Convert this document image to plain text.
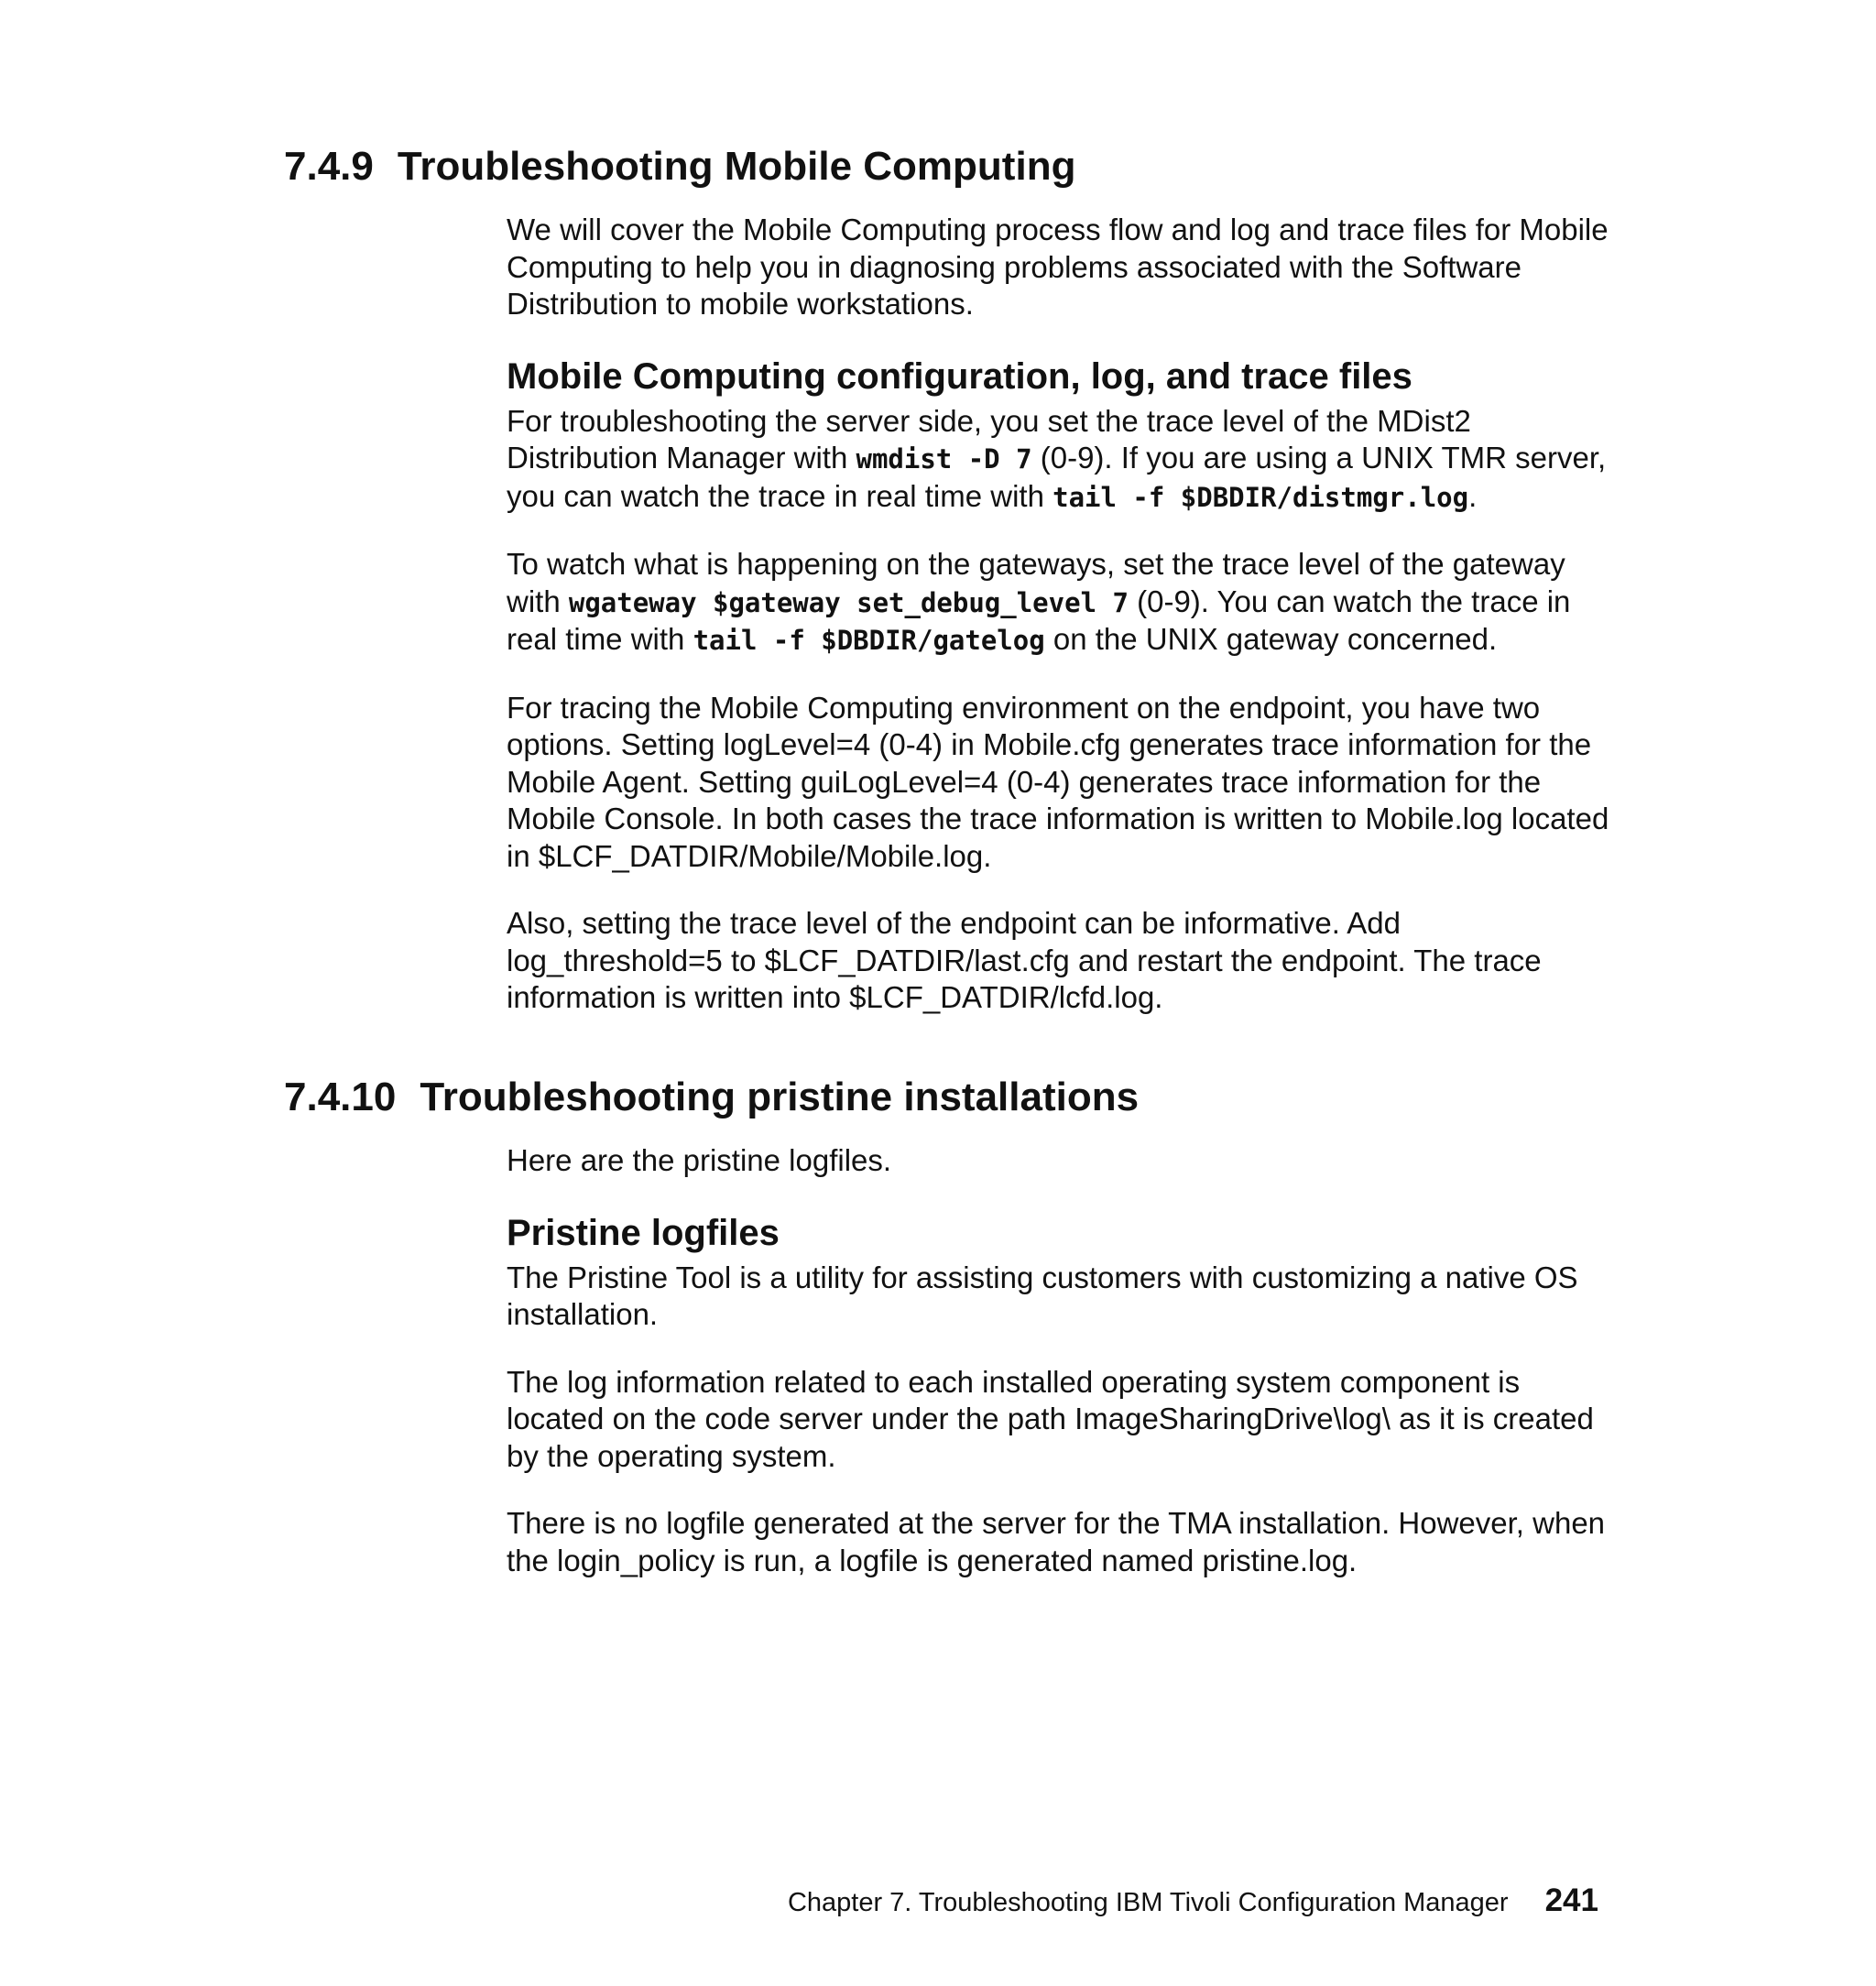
7.4.9 Troubleshooting Mobile Computing

We will cover the Mobile Computing process flow and log and trace files for Mobile Computing to help you in diagnosing problems associated with the Software Distribution to mobile workstations.

Mobile Computing configuration, log, and trace files

For troubleshooting the server side, you set the trace level of the MDist2 Distribution Manager with wmdist -D 7 (0-9). If you are using a UNIX TMR server, you can watch the trace in real time with tail -f $DBDIR/distmgr.log.

To watch what is happening on the gateways, set the trace level of the gateway with wgateway $gateway set_debug_level 7 (0-9). You can watch the trace in real time with tail -f $DBDIR/gatelog on the UNIX gateway concerned.

For tracing the Mobile Computing environment on the endpoint, you have two options. Setting logLevel=4 (0-4) in Mobile.cfg generates trace information for the Mobile Agent. Setting guiLogLevel=4 (0-4) generates trace information for the Mobile Console. In both cases the trace information is written to Mobile.log located in $LCF_DATDIR/Mobile/Mobile.log.

Also, setting the trace level of the endpoint can be informative. Add log_threshold=5 to $LCF_DATDIR/last.cfg and restart the endpoint. The trace information is written into $LCF_DATDIR/lcfd.log.

7.4.10 Troubleshooting pristine installations

Here are the pristine logfiles.

Pristine logfiles

The Pristine Tool is a utility for assisting customers with customizing a native OS installation.

The log information related to each installed operating system component is located on the code server under the path ImageSharingDrive\log\ as it is created by the operating system.

There is no logfile generated at the server for the TMA installation. However, when the login_policy is run, a logfile is generated named pristine.log.

Chapter 7. Troubleshooting IBM Tivoli Configuration Manager 241
